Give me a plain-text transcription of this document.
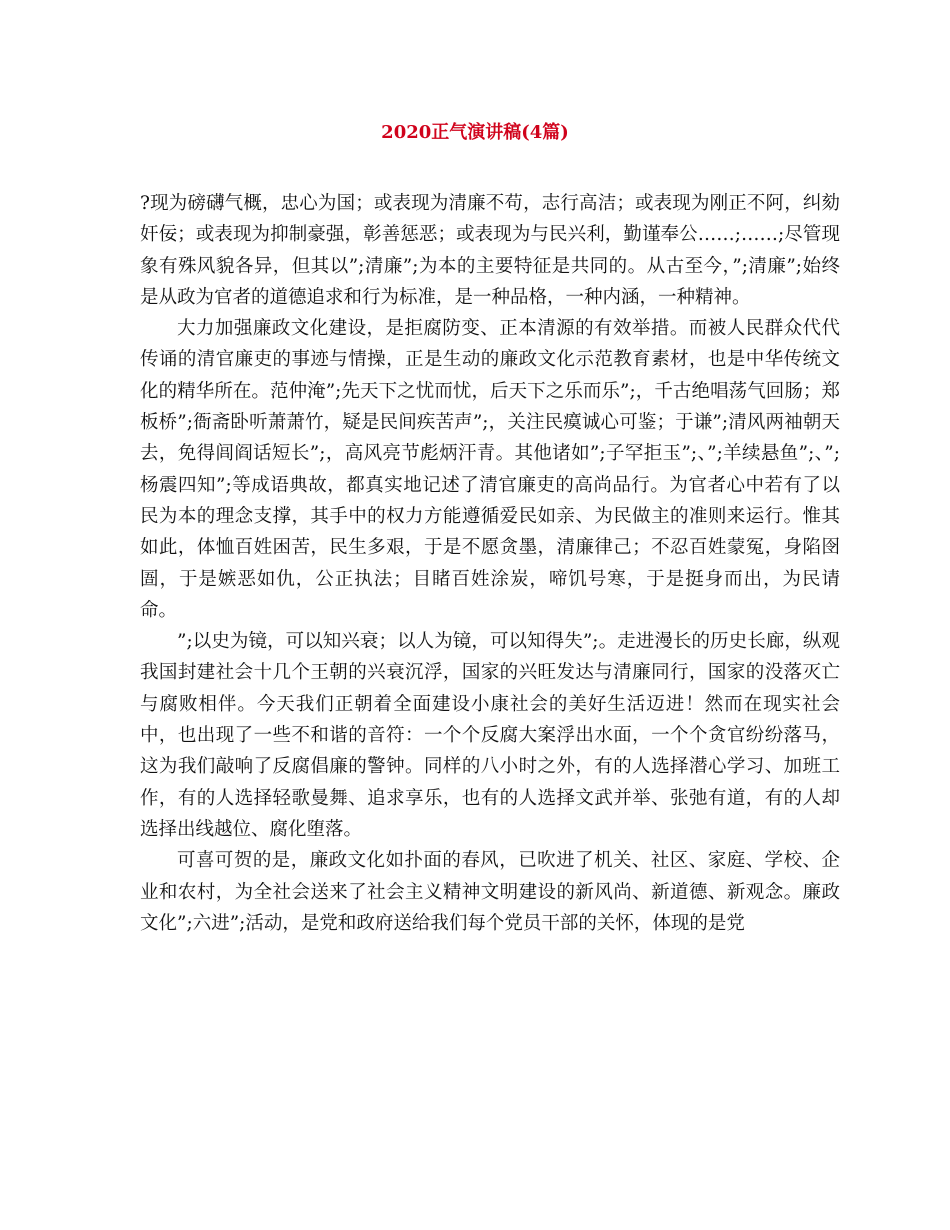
2020正气演讲稿(4篇)

?现为磅礴气概，忠心为国；或表现为清廉不苟，志行高洁；或表现为刚正不阿，纠劾奸佞；或表现为抑制豪强，彰善惩恶；或表现为与民兴利，勤谨奉公……;……;尽管现象有殊风貌各异，但其以”;清廉”;为本的主要特征是共同的。从古至今，”;清廉”;始终是从政为官者的道德追求和行为标准，是一种品格，一种内涵，一种精神。

大力加强廉政文化建设，是拒腐防变、正本清源的有效举措。而被人民群众代代传诵的清官廉吏的事迹与情操，正是生动的廉政文化示范教育素材，也是中华传统文化的精华所在。范仲淹”;先天下之忧而忧，后天下之乐而乐”;，千古绝唱荡气回肠；郑板桥”;衙斋卧听萧萧竹，疑是民间疾苦声”;，关注民瘼诚心可鉴；于谦”;清风两袖朝天去，免得闾阎话短长”;，高风亮节彪炳汗青。其他诸如”;子罕拒玉”;、”;羊续悬鱼”;、”;杨震四知”;等成语典故，都真实地记述了清官廉吏的高尚品行。为官者心中若有了以民为本的理念支撑，其手中的权力方能遵循爱民如亲、为民做主的准则来运行。惟其如此，体恤百姓困苦，民生多艰，于是不愿贪墨，清廉律己；不忍百姓蒙冤，身陷囹圄，于是嫉恶如仇，公正执法；目睹百姓涂炭，啼饥号寒，于是挺身而出，为民请命。

”;以史为镜，可以知兴衰；以人为镜，可以知得失”;。走进漫长的历史长廊，纵观我国封建社会十几个王朝的兴衰沉浮，国家的兴旺发达与清廉同行，国家的没落灭亡与腐败相伴。今天我们正朝着全面建设小康社会的美好生活迈进！然而在现实社会中，也出现了一些不和谐的音符：一个个反腐大案浮出水面，一个个贪官纷纷落马，这为我们敲响了反腐倡廉的警钟。同样的八小时之外，有的人选择潜心学习、加班工作，有的人选择轻歌曼舞、追求享乐，也有的人选择文武并举、张弛有道，有的人却选择出线越位、腐化堕落。

可喜可贺的是，廉政文化如扑面的春风，已吹进了机关、社区、家庭、学校、企业和农村，为全社会送来了社会主义精神文明建设的新风尚、新道德、新观念。廉政文化”;六进”;活动，是党和政府送给我们每个党员干部的关怀，体现的是党
